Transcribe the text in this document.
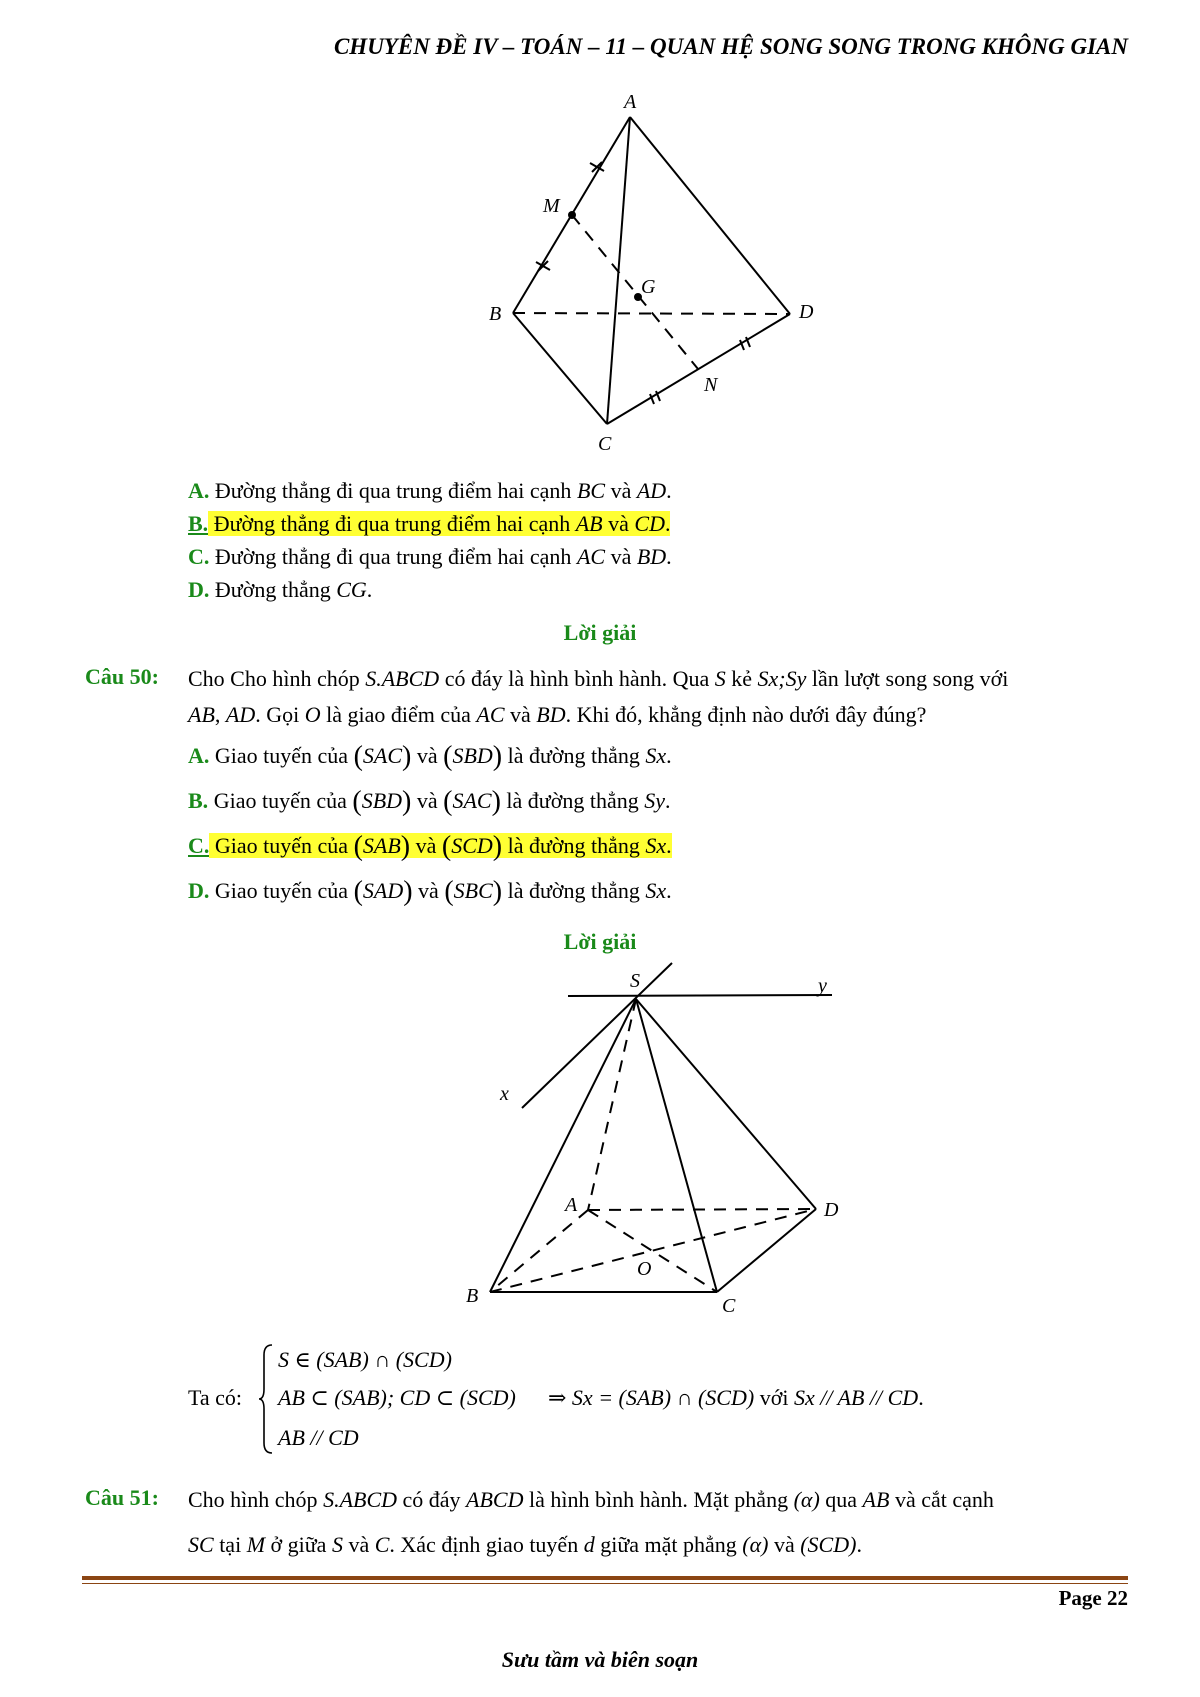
CHUYÊN ĐỀ IV – TOÁN – 11 – QUAN HỆ SONG SONG TRONG KHÔNG GIAN
A
M
G
B	D
N
C
A. Đường thẳng đi qua trung điểm hai cạnh BC và AD.
B. Đường thẳng đi qua trung điểm hai cạnh AB và CD.
C. Đường thẳng đi qua trung điểm hai cạnh AC và BD.
D. Đường thẳng CG.
Lời giải
Câu 50: Cho Cho hình chóp S.ABCD có đáy là hình bình hành. Qua S kẻ Sx;Sy lần lượt song song với
AB, AD. Gọi O là giao điểm của AC và BD. Khi đó, khẳng định nào dưới đây đúng?
A. Giao tuyến của (SAC) và (SBD) là đường thẳng Sx.
B. Giao tuyến của (SBD) và (SAC) là đường thẳng Sy.
C. Giao tuyến của (SAB) và (SCD) là đường thẳng Sx.
D. Giao tuyến của (SAD) và (SBC) là đường thẳng Sx.
Lời giải
S	y
x
A	D
O
B	C
Ta có:
S ∈ (SAB) ∩ (SCD)
AB ⊂ (SAB); CD ⊂ (SCD)
AB // CD
⇒ Sx = (SAB) ∩ (SCD) với Sx // AB // CD.
Câu 51: Cho hình chóp S.ABCD có đáy ABCD là hình bình hành. Mặt phẳng (α) qua AB và cắt cạnh
SC tại M ở giữa S và C. Xác định giao tuyến d giữa mặt phẳng (α) và (SCD).
Page 22
Sưu tầm và biên soạn
